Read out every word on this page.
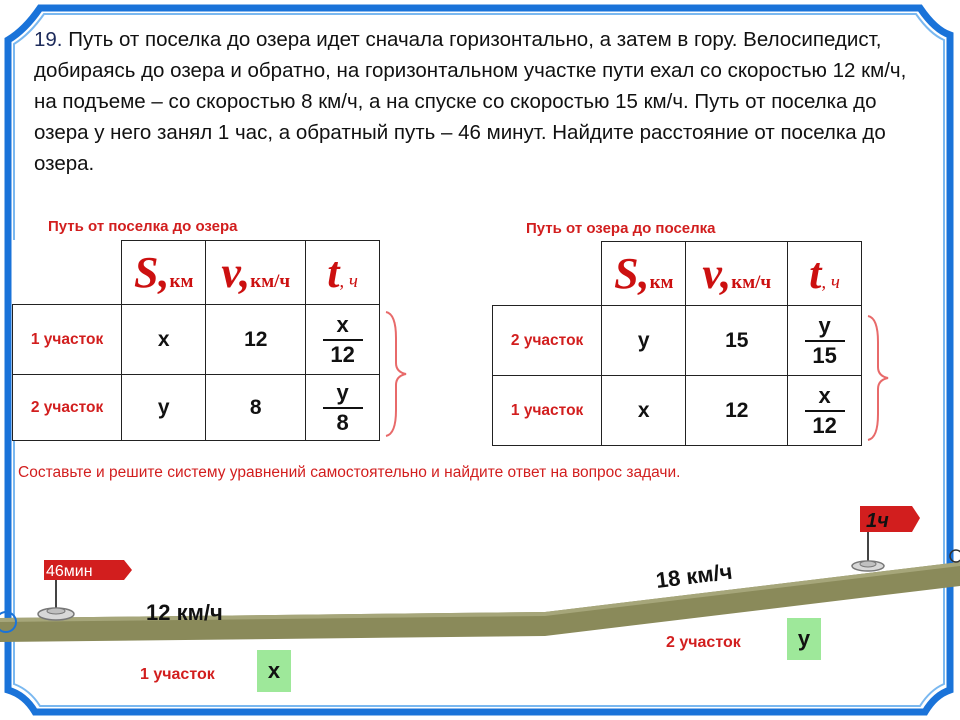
19. Путь от поселка до озера идет сначала горизонтально, а затем в гору. Велосипедист, добираясь до озера и обратно, на горизонтальном участке пути ехал со скоростью 12 км/ч, на подъеме – со скоростью 8 км/ч, а на спуске со скоростью 15 км/ч. Путь от поселка до озера у него занял 1 час, а обратный путь – 46 минут. Найдите расстояние от поселка до озера.
Путь от поселка до озера
	S,км	v,км/ч	t, ч
1 участок	x	12	$\frac{x}{12}$

2 участок	y	8	$\frac{y}{8}$
Путь от озера до поселка
	S,км	v,км/ч	t, ч
2 участок	y	15	$\frac{y}{15}$

1 участок	x	12	$\frac{x}{12}$
Составьте и решите систему уравнений самостоятельно и найдите ответ на вопрос задачи.
46мин
1ч
12 км/ч
18 км/ч
1 участок	x
2 участок	y
